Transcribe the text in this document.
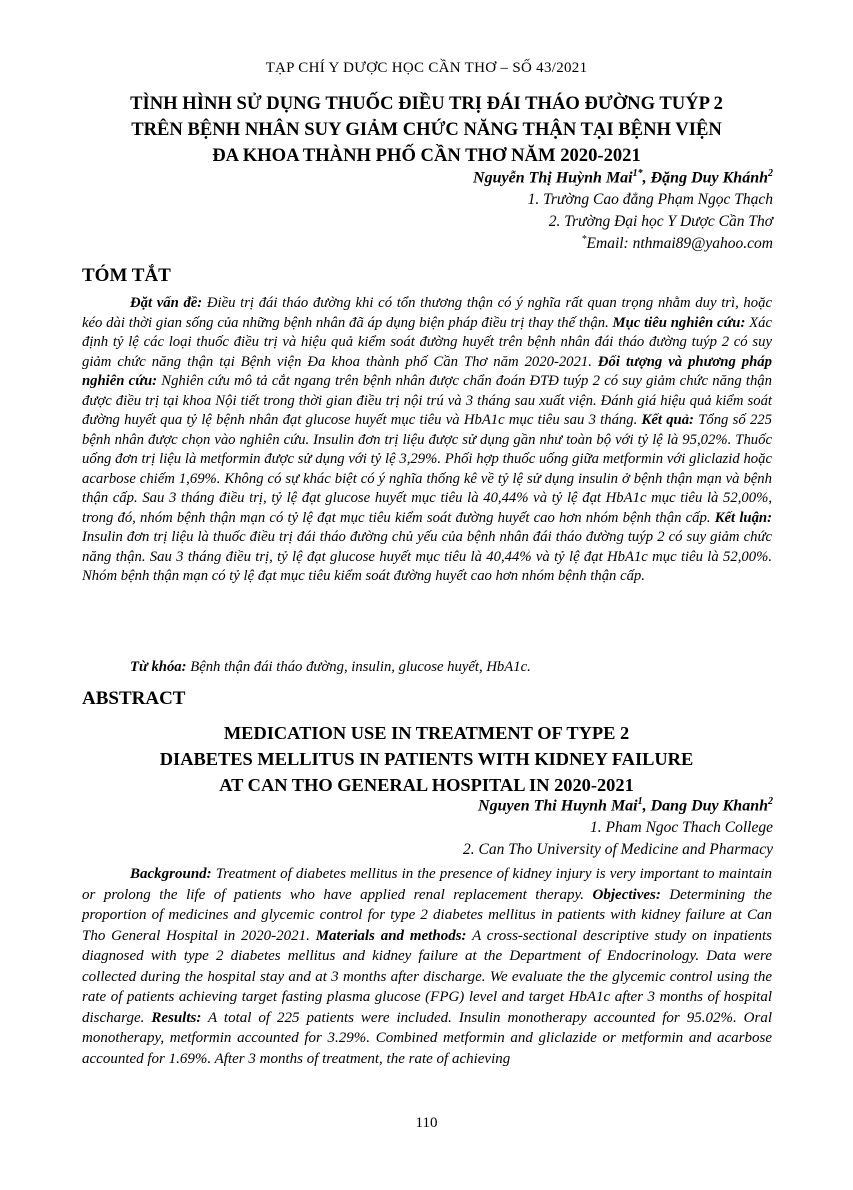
TẠP CHÍ Y DƯỢC HỌC CẦN THƠ – SỐ 43/2021
TÌNH HÌNH SỬ DỤNG THUỐC ĐIỀU TRỊ ĐÁI THÁO ĐƯỜNG TUÝP 2
TRÊN BỆNH NHÂN SUY GIẢM CHỨC NĂNG THẬN TẠI BỆNH VIỆN
ĐA KHOA THÀNH PHỐ CẦN THƠ NĂM 2020-2021
Nguyễn Thị Huỳnh Mai$^{1*}$, Đặng Duy Khánh$^2$
1. Trường Cao đẳng Phạm Ngọc Thạch
2. Trường Đại học Y Dược Cần Thơ
*Email: nthmai89@yahoo.com
TÓM TẮT
Đặt vấn đề: Điều trị đái tháo đường khi có tổn thương thận có ý nghĩa rất quan trọng nhằm duy trì, hoặc kéo dài thời gian sống của những bệnh nhân đã áp dụng biện pháp điều trị thay thế thận. Mục tiêu nghiên cứu: Xác định tỷ lệ các loại thuốc điều trị và hiệu quả kiểm soát đường huyết trên bệnh nhân đái tháo đường tuýp 2 có suy giảm chức năng thận tại Bệnh viện Đa khoa thành phố Cần Thơ năm 2020-2021. Đối tượng và phương pháp nghiên cứu: Nghiên cứu mô tả cắt ngang trên bệnh nhân được chẩn đoán ĐTĐ tuýp 2 có suy giảm chức năng thận được điều trị tại khoa Nội tiết trong thời gian điều trị nội trú và 3 tháng sau xuất viện. Đánh giá hiệu quả kiểm soát đường huyết qua tỷ lệ bệnh nhân đạt glucose huyết mục tiêu và HbA1c mục tiêu sau 3 tháng. Kết quả: Tổng số 225 bệnh nhân được chọn vào nghiên cứu. Insulin đơn trị liệu được sử dụng gần như toàn bộ với tỷ lệ là 95,02%. Thuốc uống đơn trị liệu là metformin được sử dụng với tỷ lệ 3,29%. Phối hợp thuốc uống giữa metformin với gliclazid hoặc acarbose chiếm 1,69%. Không có sự khác biệt có ý nghĩa thống kê về tỷ lệ sử dụng insulin ở bệnh thận mạn và bệnh thận cấp. Sau 3 tháng điều trị, tỷ lệ đạt glucose huyết mục tiêu là 40,44% và tỷ lệ đạt HbA1c mục tiêu là 52,00%, trong đó, nhóm bệnh thận mạn có tỷ lệ đạt mục tiêu kiểm soát đường huyết cao hơn nhóm bệnh thận cấp. Kết luận: Insulin đơn trị liệu là thuốc điều trị đái tháo đường chủ yếu của bệnh nhân đái tháo đường tuýp 2 có suy giảm chức năng thận. Sau 3 tháng điều trị, tỷ lệ đạt glucose huyết mục tiêu là 40,44% và tỷ lệ đạt HbA1c mục tiêu là 52,00%. Nhóm bệnh thận mạn có tỷ lệ đạt mục tiêu kiểm soát đường huyết cao hơn nhóm bệnh thận cấp.
Từ khóa: Bệnh thận đái tháo đường, insulin, glucose huyết, HbA1c.
ABSTRACT
MEDICATION USE IN TREATMENT OF TYPE 2
DIABETES MELLITUS IN PATIENTS WITH KIDNEY FAILURE
AT CAN THO GENERAL HOSPITAL IN 2020-2021
Nguyen Thi Huynh Mai$^1$, Dang Duy Khanh$^2$
1. Pham Ngoc Thach College
2. Can Tho University of Medicine and Pharmacy
Background: Treatment of diabetes mellitus in the presence of kidney injury is very important to maintain or prolong the life of patients who have applied renal replacement therapy. Objectives: Determining the proportion of medicines and glycemic control for type 2 diabetes mellitus in patients with kidney failure at Can Tho General Hospital in 2020-2021. Materials and methods: A cross-sectional descriptive study on inpatients diagnosed with type 2 diabetes mellitus and kidney failure at the Department of Endocrinology. Data were collected during the hospital stay and at 3 months after discharge. We evaluate the the glycemic control using the rate of patients achieving target fasting plasma glucose (FPG) level and target HbA1c after 3 months of hospital discharge. Results: A total of 225 patients were included. Insulin monotherapy accounted for 95.02%. Oral monotherapy, metformin accounted for 3.29%. Combined metformin and gliclazide or metformin and acarbose accounted for 1.69%. After 3 months of treatment, the rate of achieving
110
